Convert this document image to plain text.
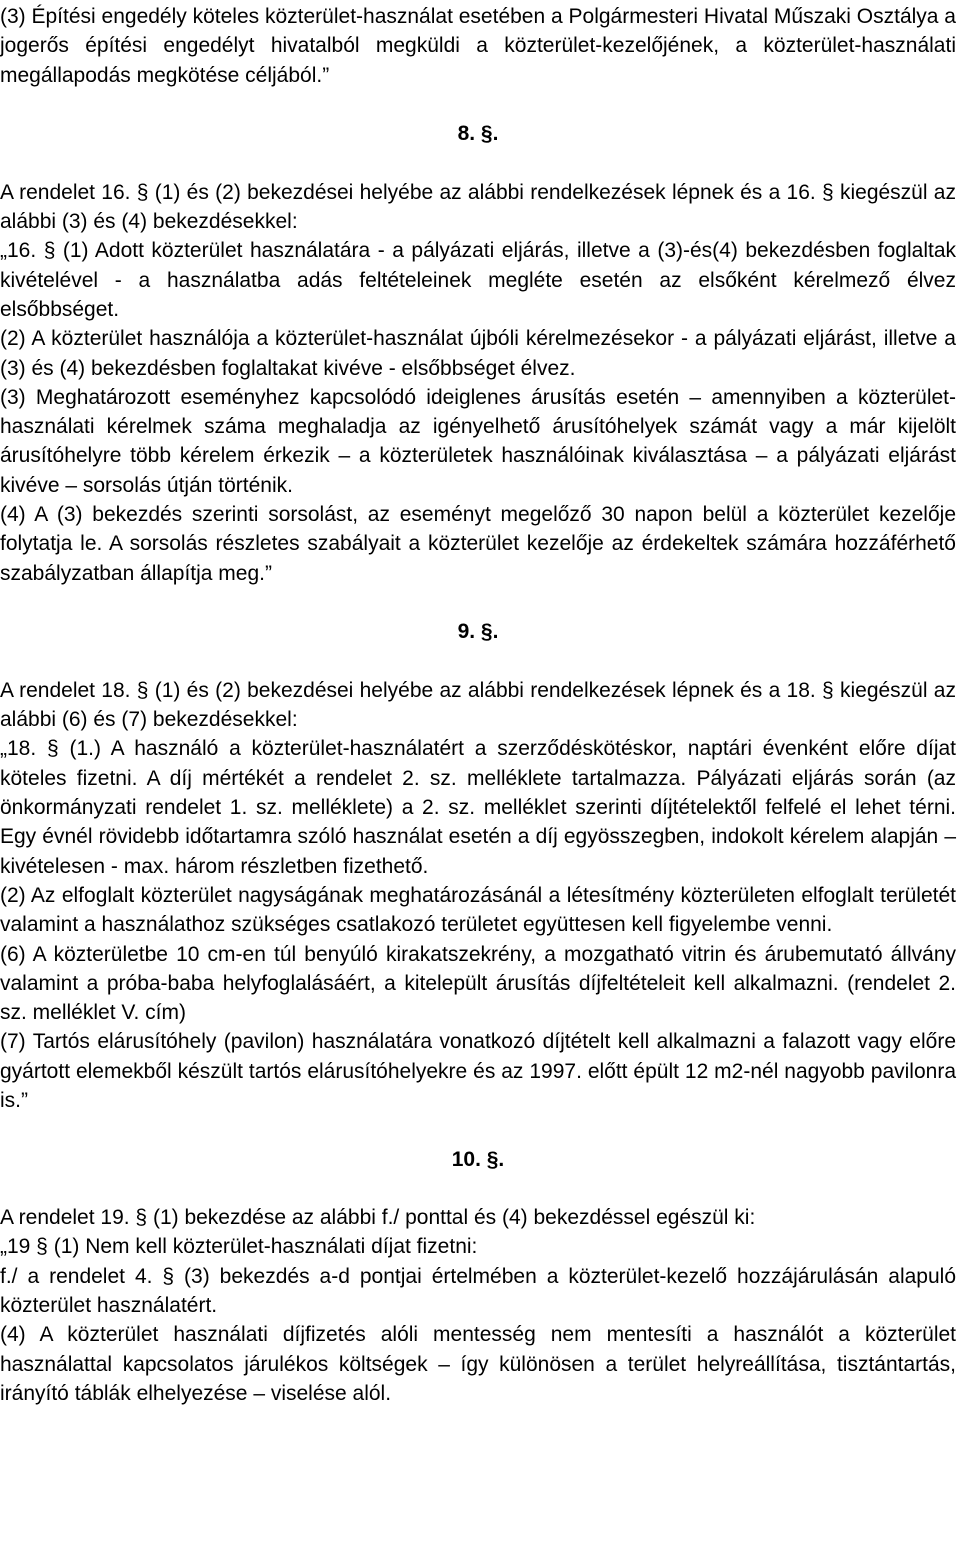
(3) Építési engedély köteles közterület-használat esetében a Polgármesteri Hivatal Műszaki Osztálya a jogerős építési engedélyt hivatalból megküldi a közterület-kezelőjének, a közterület-használati megállapodás megkötése céljából.”

8. §.

A rendelet 16. § (1) és (2) bekezdései helyébe az alábbi rendelkezések lépnek és a 16. § kiegészül az alábbi (3) és (4) bekezdésekkel:

„16. § (1) Adott közterület használatára - a pályázati eljárás, illetve a (3)-és(4) bekezdésben foglaltak kivételével - a használatba adás feltételeinek megléte esetén az elsőként kérelmező élvez elsőbbséget.

(2) A közterület használója a közterület-használat újbóli kérelmezésekor - a pályázati eljárást, illetve a (3) és (4) bekezdésben foglaltakat kivéve - elsőbbséget élvez.

(3) Meghatározott eseményhez kapcsolódó ideiglenes árusítás esetén – amennyiben a közterület-használati kérelmek száma meghaladja az igényelhető árusítóhelyek számát vagy a már kijelölt árusítóhelyre több kérelem érkezik – a közterületek használóinak kiválasztása – a pályázati eljárást kivéve – sorsolás útján történik.

(4) A (3) bekezdés szerinti sorsolást, az eseményt megelőző 30 napon belül a közterület kezelője folytatja le. A sorsolás részletes szabályait a közterület kezelője az érdekeltek számára hozzáférhető szabályzatban állapítja meg.”

9. §.

A rendelet 18. § (1) és (2) bekezdései helyébe az alábbi rendelkezések lépnek és a 18. § kiegészül az alábbi (6) és (7) bekezdésekkel:

„18. § (1.) A használó a közterület-használatért a szerződéskötéskor, naptári évenként előre díjat köteles fizetni. A díj mértékét a rendelet 2. sz. melléklete tartalmazza. Pályázati eljárás során (az önkormányzati rendelet 1. sz. melléklete) a 2. sz. melléklet szerinti díjtételektől felfelé el lehet térni. Egy évnél rövidebb időtartamra szóló használat esetén a díj egyösszegben, indokolt kérelem alapján – kivételesen - max. három részletben fizethető.

(2) Az elfoglalt közterület nagyságának meghatározásánál a létesítmény közterületen elfoglalt területét valamint a használathoz szükséges csatlakozó területet együttesen kell figyelembe venni.

(6) A közterületbe 10 cm-en túl benyúló kirakatszekrény, a mozgatható vitrin és árubemutató állvány valamint a próba-baba helyfoglalásáért, a kitelepült árusítás díjfeltételeit kell alkalmazni. (rendelet 2. sz. melléklet V. cím)

(7) Tartós elárusítóhely (pavilon) használatára vonatkozó díjtételt kell alkalmazni a falazott vagy előre gyártott elemekből készült tartós elárusítóhelyekre és az 1997. előtt épült 12 m2-nél nagyobb pavilonra is.”

10. §.

A rendelet 19. § (1) bekezdése az alábbi f./ ponttal és (4) bekezdéssel egészül ki:

„19 § (1) Nem kell közterület-használati díjat fizetni:

f./ a rendelet 4. § (3) bekezdés a-d pontjai értelmében a közterület-kezelő hozzájárulásán alapuló közterület használatért.

(4) A közterület használati díjfizetés alóli mentesség nem mentesíti a használót a közterület használattal kapcsolatos járulékos költségek – így különösen a terület helyreállítása, tisztántartás, irányító táblák elhelyezése – viselése alól.
